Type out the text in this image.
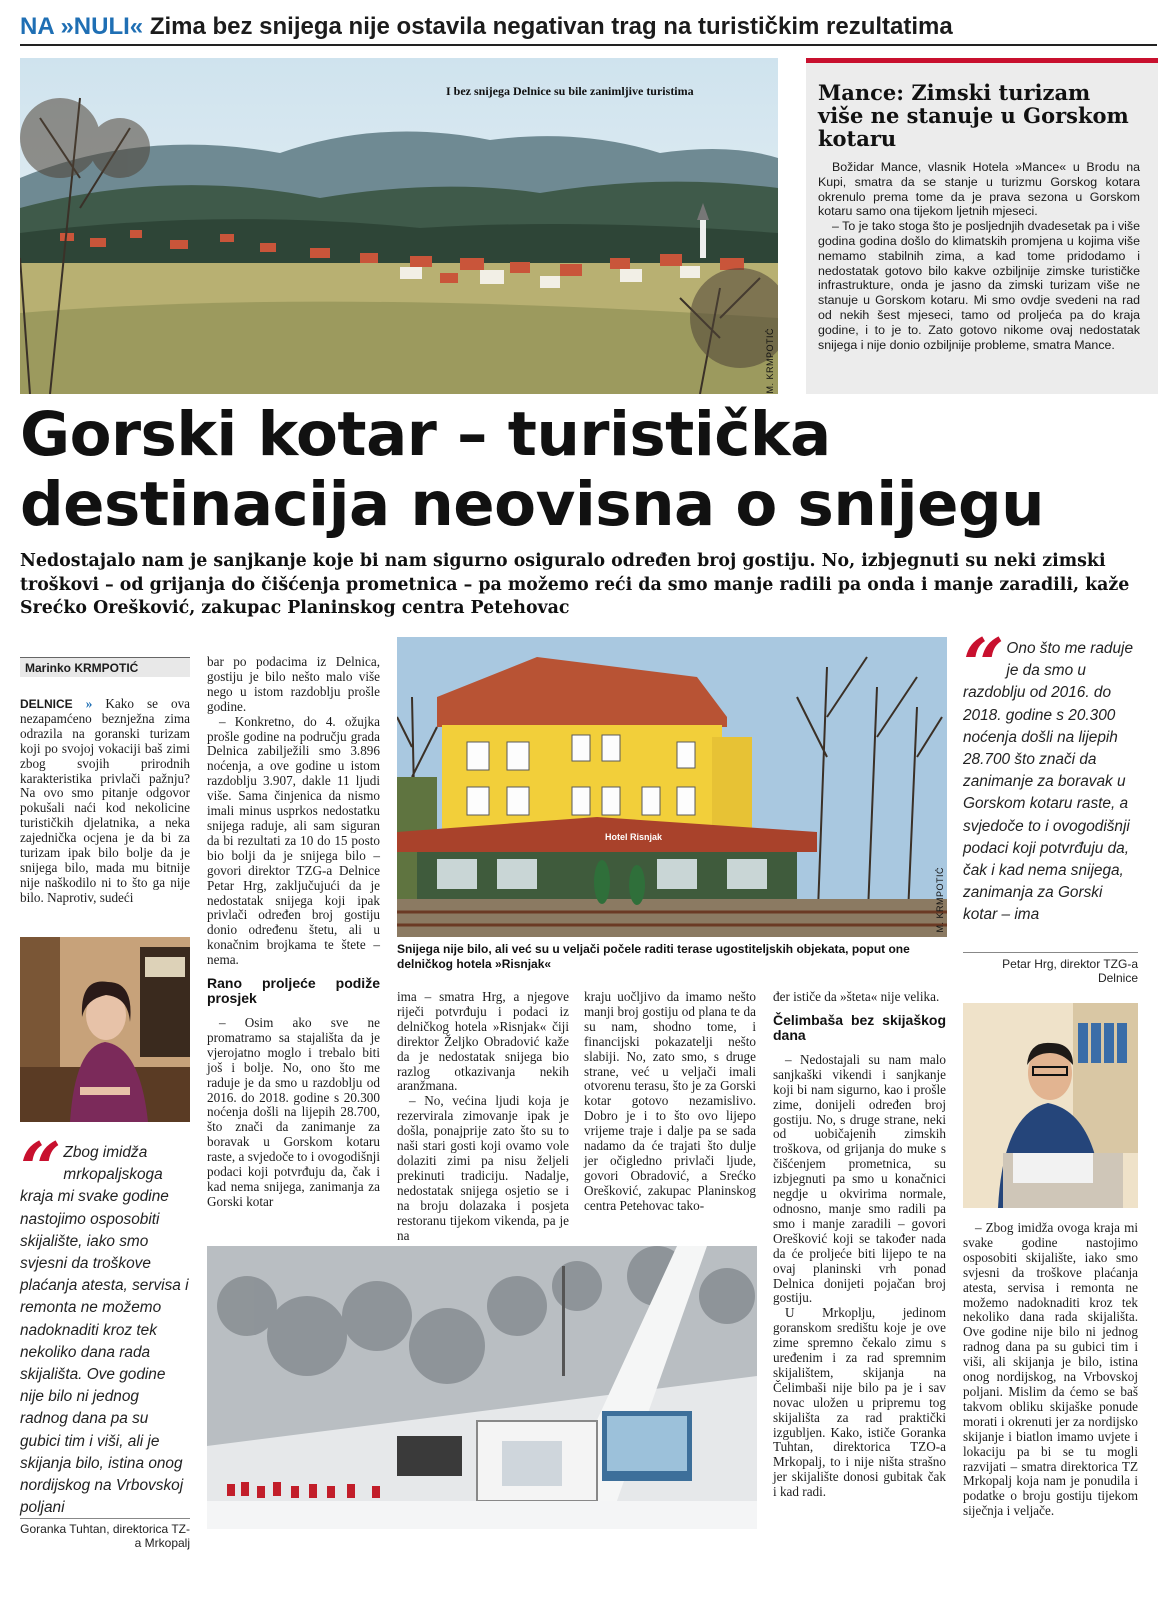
NA »NULI« Zima bez snijega nije ostavila negativan trag na turističkim rezultatima
I bez snijega Delnice su bile zanimljive turistima
M. KRMPOTIĆ
Mance: Zimski turizam više ne stanuje u Gorskom kotaru

Božidar Mance, vlasnik Hotela »Mance« u Brodu na Kupi, smatra da se stanje u turizmu Gorskog kotara okrenulo prema tome da je prava sezona u Gorskom kotaru samo ona tijekom ljetnih mjeseci.

– To je tako stoga što je posljednjih dvadesetak pa i više godina godina došlo do klimatskih promjena u kojima više nemamo stabilnih zima, a kad tome pridodamo i nedostatak gotovo bilo kakve ozbiljnije zimske turističke infrastrukture, onda je jasno da zimski turizam više ne stanuje u Gorskom kotaru. Mi smo ovdje svedeni na rad od nekih šest mjeseci, tamo od proljeća pa do kraja godine, i to je to. Zato gotovo nikome ovaj nedostatak snijega i nije donio ozbiljnije probleme, smatra Mance.

Gorski kotar – turistička
destinacija neovisna o snijegu
Nedostajalo nam je sanjkanje koje bi nam sigurno osiguralo određen broj gostiju. No, izbjegnuti su neki zimski troškovi – od grijanja do čišćenja prometnica – pa možemo reći da smo manje radili pa onda i manje zaradili, kaže Srećko Orešković, zakupac Planinskog centra Petehovac
Marinko KRMPOTIĆ

DELNICE » Kako se ova nezapamćeno beznježna zima odrazila na goranski turizam koji po svojoj vokaciji baš zimi zbog svojih prirodnih karakteristika privlači pažnju? Na ovo smo pitanje odgovor pokušali naći kod nekolicine turističkih djelatnika, a neka zajednička ocjena je da bi za turizam ipak bilo bolje da je snijega bilo, mada mu bitnije nije naškodilo ni to što ga nije bilo. Naprotiv, sudeći

“ Zbog imidža mrkopaljskoga kraja mi svake godine nastojimo osposobiti skijalište, iako smo svjesni da troškove plaćanja atesta, servisa i remonta ne možemo nadoknaditi kroz tek nekoliko dana rada skijališta. Ove godine nije bilo ni jednog radnog dana pa su gubici tim i viši, ali je skijanja bilo, istina onog nordijskog na Vrbovskoj poljani
Goranka Tuhtan, direktorica TZ-a Mrkopalj

bar po podacima iz Delnica, gostiju je bilo nešto malo više nego u istom razdoblju prošle godine.

– Konkretno, do 4. ožujka prošle godine na području grada Delnica zabilježili smo 3.896 noćenja, a ove godine u istom razdoblju 3.907, dakle 11 ljudi više. Sama činjenica da nismo imali minus usprkos nedostatku snijega raduje, ali sam siguran da bi rezultati za 10 do 15 posto bio bolji da je snijega bilo – govori direktor TZG-a Delnice Petar Hrg, zaključujući da je nedostatak snijega koji ipak privlači određen broj gostiju donio određenu štetu, ali u konačnim brojkama te štete – nema.

Rano proljeće podiže prosjek

– Osim ako sve ne promatramo sa stajališta da je vjerojatno moglo i trebalo biti još i bolje. No, ono što me raduje je da smo u razdoblju od 2016. do 2018. godine s 20.300 noćenja došli na lijepih 28.700, što znači da zanimanje za boravak u Gorskom kotaru raste, a svjedoče to i ovogodišnji podaci koji potvrđuju da, čak i kad nema snijega, zanimanja za Gorski kotar

Hotel Risnjak
M. KRMPOTIĆ
Snijega nije bilo, ali već su u veljači počele raditi terase ugostiteljskih objekata, poput one delničkog hotela »Risnjak«

ima – smatra Hrg, a njegove riječi potvrđuju i podaci iz delničkog hotela »Risnjak« čiji direktor Željko Obradović kaže da je nedostatak snijega bio razlog otkazivanja nekih aranžmana.

– No, većina ljudi koja je rezervirala zimovanje ipak je došla, ponajprije zato što su to naši stari gosti koji ovamo vole dolaziti zimi pa nisu željeli prekinuti tradiciju. Nadalje, nedostatak snijega osjetio se i na broju dolazaka i posjeta restoranu tijekom vikenda, pa je na

kraju uočljivo da imamo nešto manji broj gostiju od plana te da su nam, shodno tome, i financijski pokazatelji nešto slabiji. No, zato smo, s druge strane, već u veljači imali otvorenu terasu, što je za Gorski kotar gotovo nezamislivo. Dobro je i to što ovo lijepo vrijeme traje i dalje pa se sada nadamo da će trajati što dulje jer očigledno privlači ljude, govori Obradović, a Srećko Orešković, zakupac Planinskog centra Petehovac tako-

đer ističe da »šteta« nije velika.

Čelimbaša bez skijaškog dana

– Nedostajali su nam malo sanjkaški vikendi i sanjkanje koji bi nam sigurno, kao i prošle zime, donijeli određen broj gostiju. No, s druge strane, neki od uobičajenih zimskih troškova, od grijanja do muke s čišćenjem prometnica, su izbjegnuti pa smo u konačnici negdje u okvirima normale, odnosno, manje smo radili pa smo i manje zaradili – govori Orešković koji se također nada da će proljeće biti lijepo te na ovaj planinski vrh ponad Delnica donijeti pojačan broj gostiju.

U Mrkoplju, jedinom goranskom središtu koje je ove zime spremno čekalo zimu s uređenim i za rad spremnim skijalištem, skijanja na Čelimbaši nije bilo pa je i sav novac uložen u pripremu tog skijališta za rad praktički izgubljen. Kako, ističe Goranka Tuhtan, direktorica TZO-a Mrkopalj, to i nije ništa strašno jer skijalište donosi gubitak čak i kad radi.

“ Ono što me raduje je da smo u razdoblju od 2016. do 2018. godine s 20.300 noćenja došli na lijepih 28.700 što znači da zanimanje za boravak u Gorskom kotaru raste, a svjedoče to i ovogodišnji podaci koji potvrđuju da, čak i kad nema snijega, zanimanja za Gorski kotar – ima
Petar Hrg, direktor TZG-a Delnice

– Zbog imidža ovoga kraja mi svake godine nastojimo osposobiti skijalište, iako smo svjesni da troškove plaćanja atesta, servisa i remonta ne možemo nadoknaditi kroz tek nekoliko dana rada skijališta. Ove godine nije bilo ni jednog radnog dana pa su gubici tim i viši, ali skijanja je bilo, istina onog nordijskog, na Vrbovskoj poljani. Mislim da ćemo se baš takvom obliku skijaške ponude morati i okrenuti jer za nordijsko skijanje i biatlon imamo uvjete i lokaciju pa bi se tu mogli razvijati – smatra direktorica TZ Mrkopalj koja nam je ponudila i podatke o broju gostiju tijekom siječnja i veljače.
